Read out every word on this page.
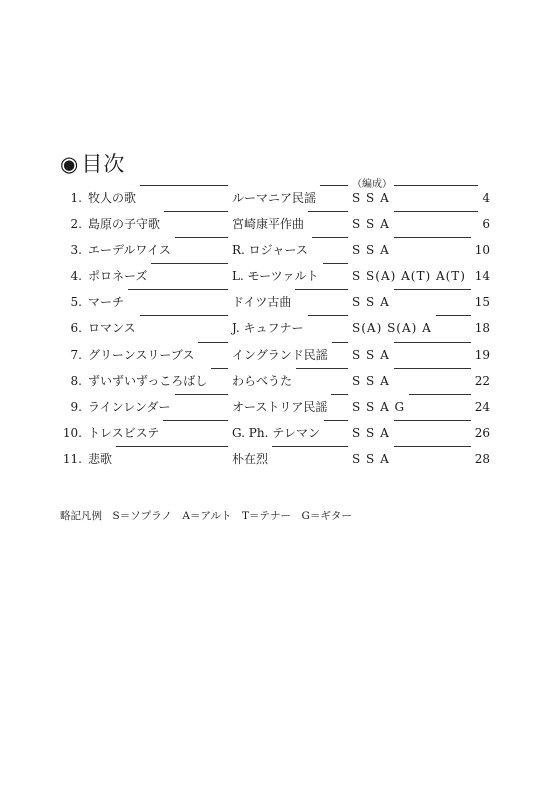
◉目次
（編成）
1. 牧人の歌	ルーマニア民謡	S S A	4
2. 島原の子守歌	宮崎康平作曲	S S A	6
3. エーデルワイス	R. ロジャース	S S A	10
4. ポロネーズ	L. モーツァルト	S S(A) A(T) A(T) 14
5. マーチ	ドイツ古曲	S S A	15
6. ロマンス	J. キュフナー	S(A) S(A) A	18
7. グリーンスリーブス	イングランド民謡 S S A	19
8. ずいずいずっころばし わらべうた	S S A	22
9. ラインレンダー	オーストリア民謡 S S A G	24
10. トレスビステ	G. Ph. テレマン	S S A	26
11. 悲歌	朴在烈	S S A	28
略記凡例　S＝ソプラノ　A＝アルト　T＝テナー　G＝ギター
